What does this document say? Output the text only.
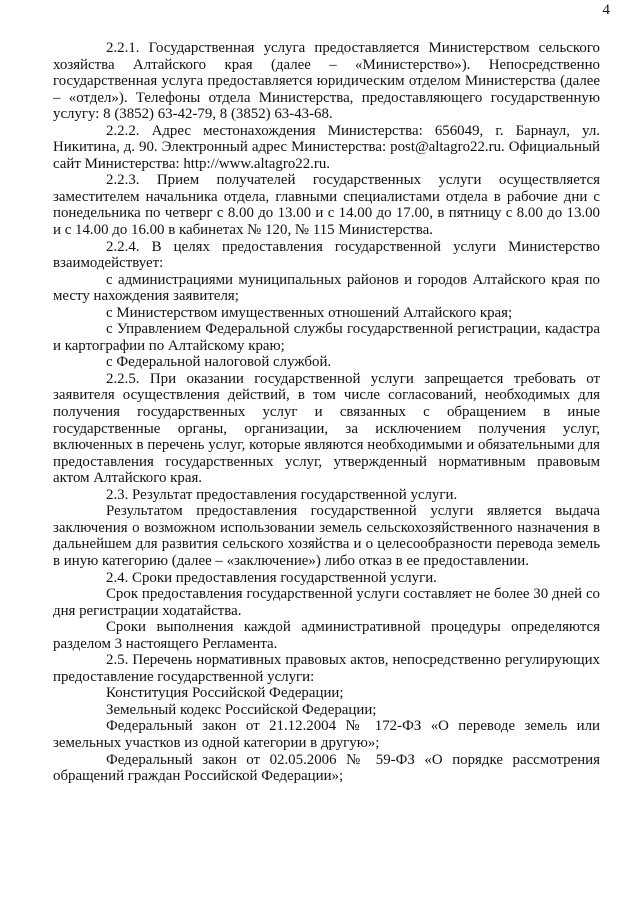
4

2.2.1. Государственная услуга предоставляется Министерством сельского хозяйства Алтайского края (далее – «Министерство»). Непосредственно государственная услуга предоставляется юридическим отделом Министерства (далее – «отдел»). Телефоны отдела Министерства, предоставляющего государственную услугу: 8 (3852) 63-42-79, 8 (3852) 63-43-68.

2.2.2. Адрес местонахождения Министерства: 656049, г. Барнаул, ул. Никитина, д. 90. Электронный адрес Министерства: post@altagro22.ru. Официальный сайт Министерства: http://www.altagro22.ru.

2.2.3. Прием получателей государственных услуги осуществляется заместителем начальника отдела, главными специалистами отдела в рабочие дни с понедельника по четверг с 8.00 до 13.00 и с 14.00 до 17.00, в пятницу с 8.00 до 13.00 и с 14.00 до 16.00 в кабинетах № 120, № 115 Министерства.

2.2.4. В целях предоставления государственной услуги Министерство взаимодействует:

с администрациями муниципальных районов и городов Алтайского края по месту нахождения заявителя;

с Министерством имущественных отношений Алтайского края;

с Управлением Федеральной службы государственной регистрации, кадастра и картографии по Алтайскому краю;

с Федеральной налоговой службой.

2.2.5. При оказании государственной услуги запрещается требовать от заявителя осуществления действий, в том числе согласований, необходимых для получения государственных услуг и связанных с обращением в иные государственные органы, организации, за исключением получения услуг, включенных в перечень услуг, которые являются необходимыми и обязательными для предоставления государственных услуг, утвержденный нормативным правовым актом Алтайского края.

2.3. Результат предоставления государственной услуги.

Результатом предоставления государственной услуги является выдача заключения о возможном использовании земель сельскохозяйственного назначения в дальнейшем для развития сельского хозяйства и о целесообразности перевода земель в иную категорию (далее – «заключение») либо отказ в ее предоставлении.

2.4. Сроки предоставления государственной услуги.

Срок предоставления государственной услуги составляет не более 30 дней со дня регистрации ходатайства.

Сроки выполнения каждой административной процедуры определяются разделом 3 настоящего Регламента.

2.5. Перечень нормативных правовых актов, непосредственно регулирующих предоставление государственной услуги:

Конституция Российской Федерации;

Земельный кодекс Российской Федерации;

Федеральный закон от 21.12.2004 № 172-ФЗ «О переводе земель или земельных участков из одной категории в другую»;

Федеральный закон от 02.05.2006 № 59-ФЗ «О порядке рассмотрения обращений граждан Российской Федерации»;
